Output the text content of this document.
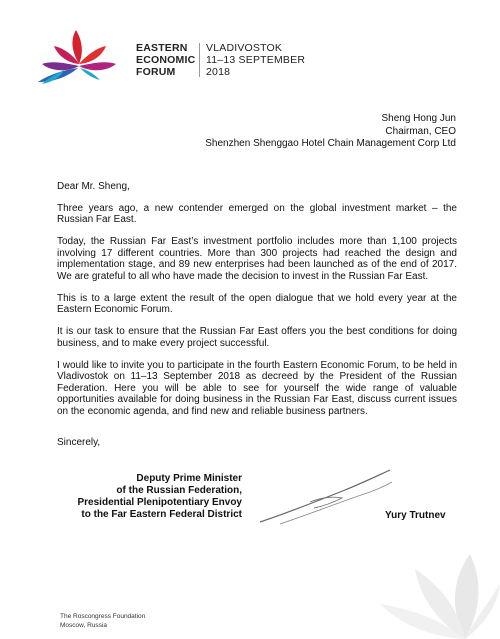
EASTERN
ECONOMIC
FORUM
VLADIVOSTOK
11–13 SEPTEMBER
2018
Sheng Hong Jun
Chairman, CEO
Shenzhen Shenggao Hotel Chain Management Corp Ltd

Dear Mr. Sheng,

Three years ago, a new contender emerged on the global investment market – the Russian Far East.

Today, the Russian Far East’s investment portfolio includes more than 1,100 projects involving 17 different countries. More than 300 projects had reached the design and implementation stage, and 89 new enterprises had been launched as of the end of 2017. We are grateful to all who have made the decision to invest in the Russian Far East.

This is to a large extent the result of the open dialogue that we hold every year at the Eastern Economic Forum.

It is our task to ensure that the Russian Far East offers you the best conditions for doing business, and to make every project successful.

I would like to invite you to participate in the fourth Eastern Economic Forum, to be held in Vladivostok on 11–13 September 2018 as decreed by the President of the Russian Federation. Here you will be able to see for yourself the wide range of valuable opportunities available for doing business in the Russian Far East, discuss current issues on the economic agenda, and find new and reliable business partners.

Sincerely,

Deputy Prime Minister
of the Russian Federation,
Presidential Plenipotentiary Envoy
to the Far Eastern Federal District	Yury Trutnev
The Roscongress Foundation
Moscow, Russia
